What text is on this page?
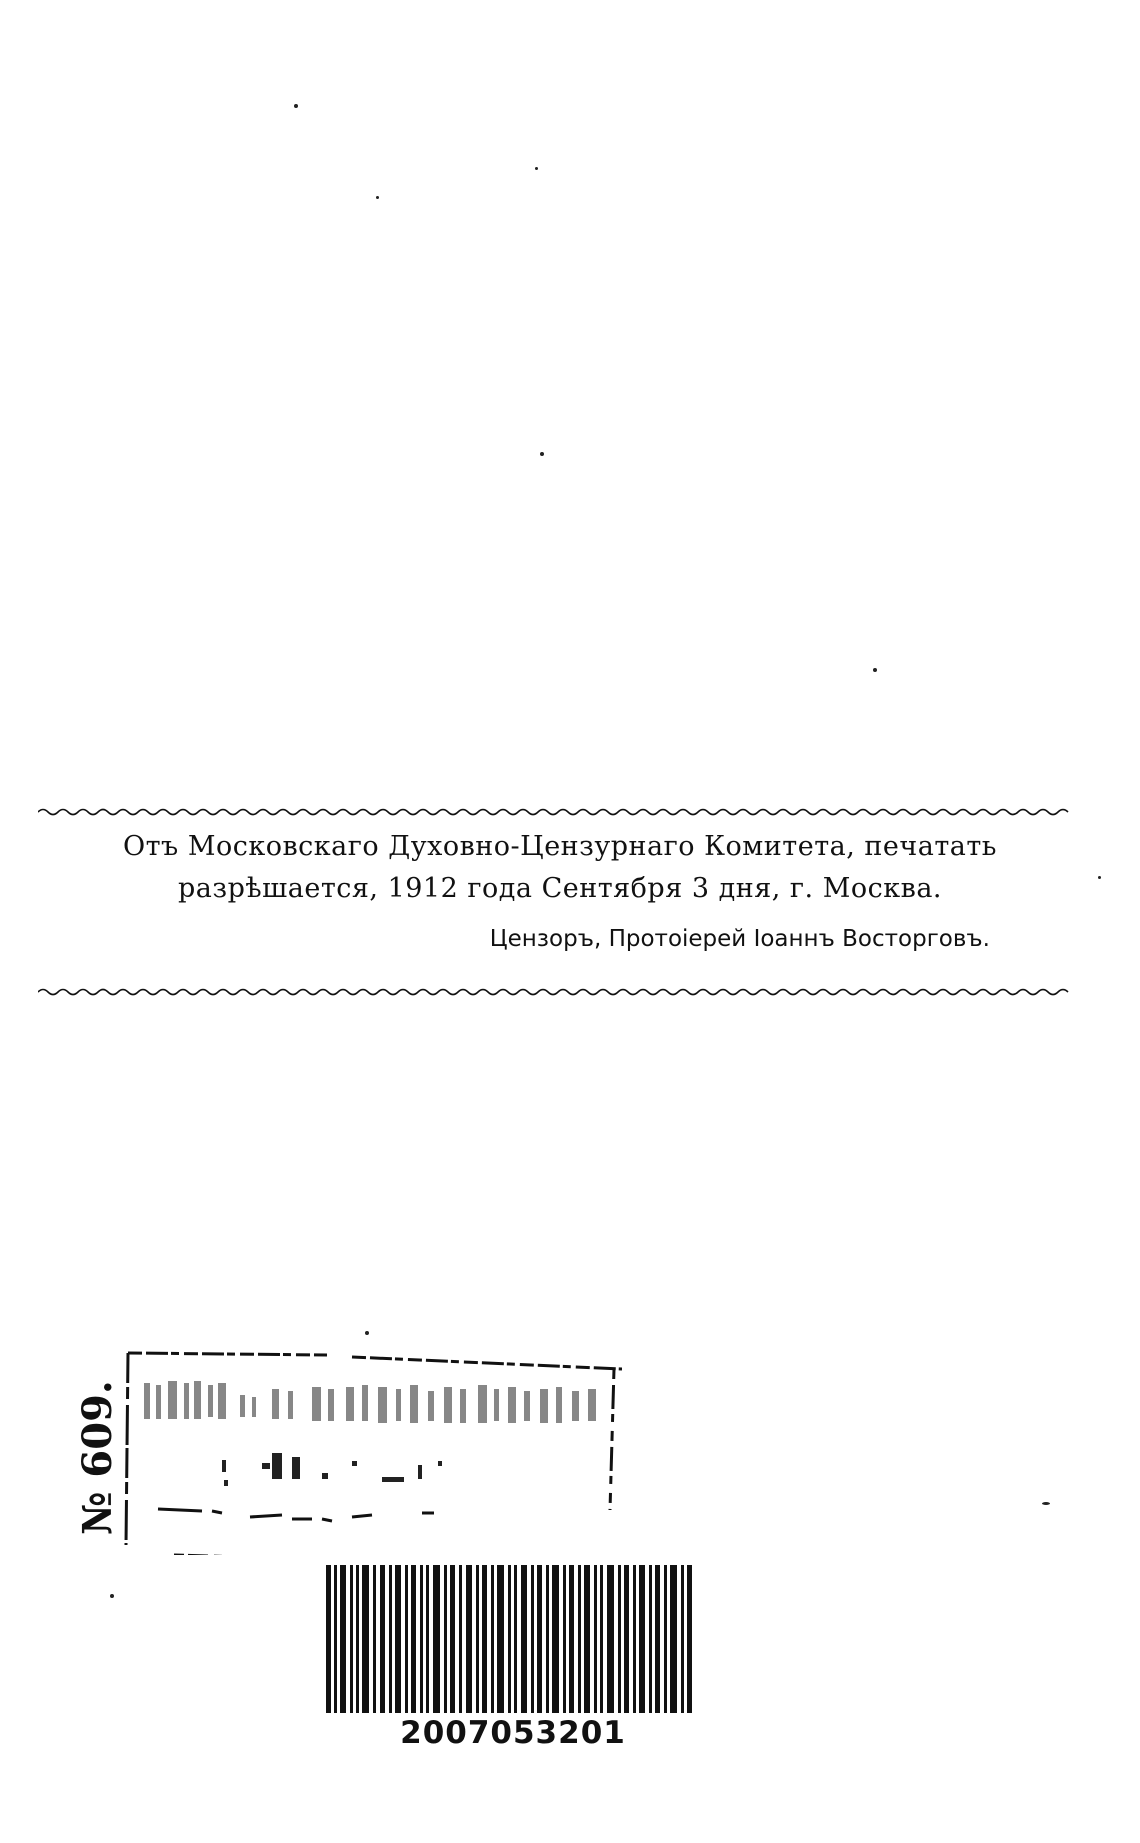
Отъ Московскаго Духовно-Цензурнаго Комитета, печатать
разрѣшается, 1912 года Сентября 3 дня, г. Москва.
Цензоръ, Протоіерей Іоаннъ Восторговъ.
№ 609.
2007053201
